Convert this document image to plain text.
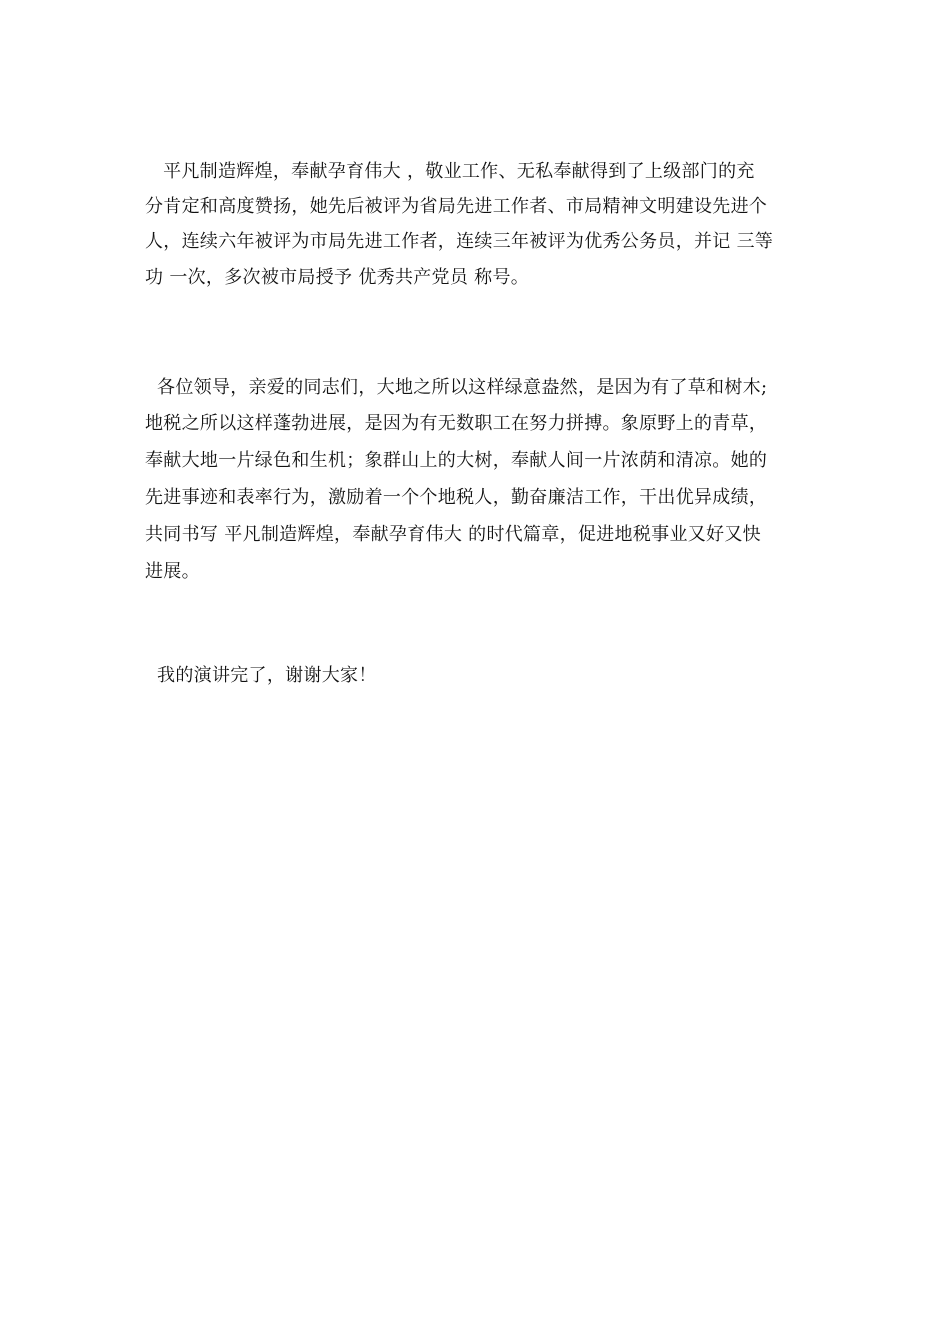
平凡制造辉煌，奉献孕育伟大 ，敬业工作、无私奉献得到了上级部门的充
分肯定和高度赞扬，她先后被评为省局先进工作者、市局精神文明建设先进个
人，连续六年被评为市局先进工作者，连续三年被评为优秀公务员，并记 三等
功 一次，多次被市局授予 优秀共产党员 称号。
各位领导，亲爱的同志们，大地之所以这样绿意盎然，是因为有了草和树木;
地税之所以这样蓬勃进展，是因为有无数职工在努力拼搏。象原野上的青草，
奉献大地一片绿色和生机；象群山上的大树，奉献人间一片浓荫和清凉。她的
先进事迹和表率行为，激励着一个个地税人，勤奋廉洁工作，干出优异成绩，
共同书写 平凡制造辉煌，奉献孕育伟大 的时代篇章，促进地税事业又好又快
进展。
我的演讲完了，谢谢大家！
